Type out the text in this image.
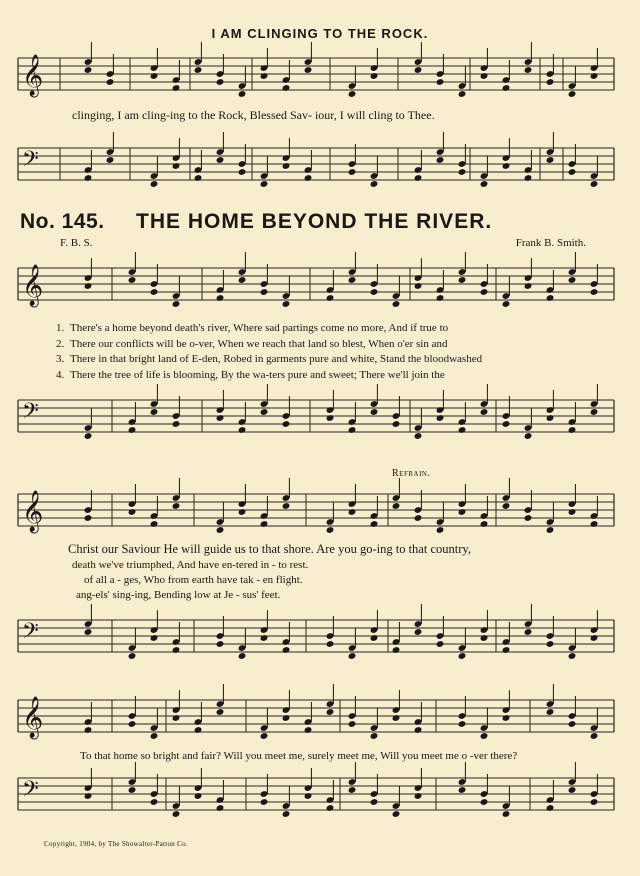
𝄞
𝄢
𝄞
𝄢
𝄞
𝄢
𝄞
𝄢
I AM CLINGING TO THE ROCK.
clinging, I am cling-ing to the Rock, Blessed Sav- iour, I will cling to Thee.
No. 145. THE HOME BEYOND THE RIVER.
F. B. S.	Frank B. Smith.
1. There's a home beyond death's river, Where sad partings come no more, And if true to
2. There our conflicts will be o-ver, When we reach that land so blest, When o'er sin and
3. There in that bright land of E-den, Robed in garments pure and white, Stand the bloodwashed
4. There the tree of life is blooming, By the wa-ters pure and sweet; There we'll join the
Refrain.
Christ our Saviour He will guide us to that shore. Are you go-ing to that country,
death we've triumphed, And have en-tered in - to rest.
of all a - ges, Who from earth have tak - en flight.
ang-els' sing-ing, Bending low at Je - sus' feet.
To that home so bright and fair? Will you meet me, surely meet me, Will you meet me o -ver there?
Copyright, 1904, by The Showalter-Patton Co.
